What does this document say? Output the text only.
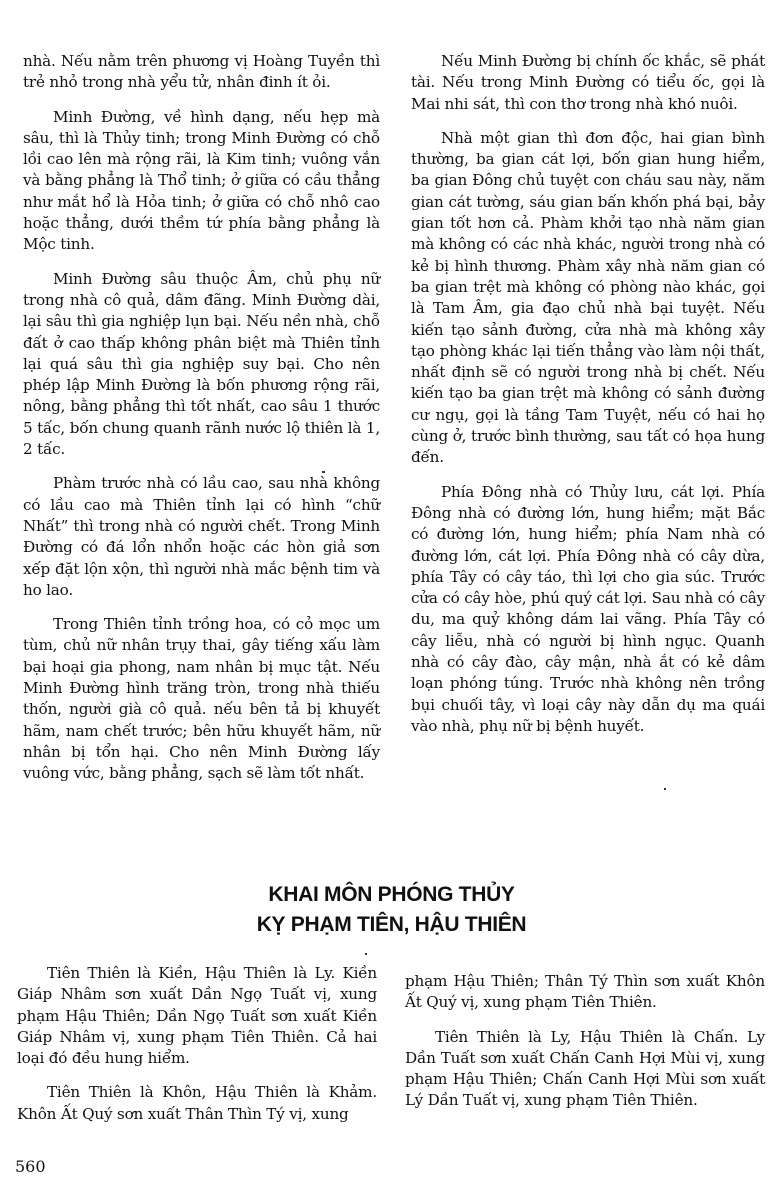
nhà. Nếu nằm trên phương vị Hoàng Tuyền thì trẻ nhỏ trong nhà yểu tử, nhân đinh ít ỏi.

Minh Đường, về hình dạng, nếu hẹp mà sâu, thì là Thủy tinh; trong Minh Đường có chỗ lồi cao lên mà rộng rãi, là Kim tinh; vuông vắn và bằng phẳng là Thổ tinh; ở giữa có cầu thẳng như mắt hổ là Hỏa tinh; ở giữa có chỗ nhô cao hoặc thẳng, dưới thềm tứ phía bằng phẳng là Mộc tinh.

Minh Đường sâu thuộc Âm, chủ phụ nữ trong nhà cô quả, dâm đãng. Minh Đường dài, lại sâu thì gia nghiệp lụn bại. Nếu nền nhà, chỗ đất ở cao thấp không phân biệt mà Thiên tỉnh lại quá sâu thì gia nghiệp suy bại. Cho nên phép lập Minh Đường là bốn phương rộng rãi, nông, bằng phẳng thì tốt nhất, cao sâu 1 thước 5 tấc, bốn chung quanh rãnh nước lộ thiên là 1, 2 tấc.

Phàm trước nhà có lầu cao, sau nhà không có lầu cao mà Thiên tỉnh lại có hình “chữ Nhất” thì trong nhà có người chết. Trong Minh Đường có đá lổn nhổn hoặc các hòn giả sơn xếp đặt lộn xộn, thì người nhà mắc bệnh tim và ho lao.

Trong Thiên tỉnh trồng hoa, có cỏ mọc um tùm, chủ nữ nhân trụy thai, gây tiếng xấu làm bại hoại gia phong, nam nhân bị mục tật. Nếu Minh Đường hình trăng tròn, trong nhà thiếu thốn, người già cô quả. nếu bên tả bị khuyết hãm, nam chết trước; bên hữu khuyết hãm, nữ nhân bị tổn hại. Cho nên Minh Đường lấy vuông vức, bằng phẳng, sạch sẽ làm tốt nhất.

Nếu Minh Đường bị chính ốc khắc, sẽ phát tài. Nếu trong Minh Đường có tiểu ốc, gọi là Mai nhi sát, thì con thơ trong nhà khó nuôi.

Nhà một gian thì đơn độc, hai gian bình thường, ba gian cát lợi, bốn gian hung hiểm, ba gian Đông chủ tuyệt con cháu sau này, năm gian cát tường, sáu gian bấn khốn phá bại, bảy gian tốt hơn cả. Phàm khởi tạo nhà năm gian mà không có các nhà khác, người trong nhà có kẻ bị hình thương. Phàm xây nhà năm gian có ba gian trệt mà không có phòng nào khác, gọi là Tam Âm, gia đạo chủ nhà bại tuyệt. Nếu kiến tạo sảnh đường, cửa nhà mà không xây tạo phòng khác lại tiến thẳng vào làm nội thất, nhất định sẽ có người trong nhà bị chết. Nếu kiến tạo ba gian trệt mà không có sảnh đường cư ngụ, gọi là tầng Tam Tuyệt, nếu có hai họ cùng ở, trước bình thường, sau tất có họa hung đến.

Phía Đông nhà có Thủy lưu, cát lợi. Phía Đông nhà có đường lớn, hung hiểm; mặt Bắc có đường lớn, hung hiểm; phía Nam nhà có đường lớn, cát lợi. Phía Đông nhà có cây dừa, phía Tây có cây táo, thì lợi cho gia súc. Trước cửa có cây hòe, phú quý cát lợi. Sau nhà có cây du, ma quỷ không dám lai vãng. Phía Tây có cây liễu, nhà có người bị hình ngục. Quanh nhà có cây đào, cây mận, nhà ắt có kẻ dâm loạn phóng túng. Trước nhà không nên trồng bụi chuối tây, vì loại cây này dẫn dụ ma quái vào nhà, phụ nữ bị bệnh huyết.

KHAI MÔN PHÓNG THỦY
KỴ PHẠM TIÊN, HẬU THIÊN

Tiên Thiên là Kiền, Hậu Thiên là Ly. Kiền Giáp Nhâm sơn xuất Dần Ngọ Tuất vị, xung phạm Hậu Thiên; Dần Ngọ Tuất sơn xuất Kiền Giáp Nhâm vị, xung phạm Tiên Thiên. Cả hai loại đó đều hung hiểm.

Tiên Thiên là Khôn, Hậu Thiên là Khảm. Khôn Ất Quý sơn xuất Thân Thìn Tý vị, xung

phạm Hậu Thiên; Thân Tý Thìn sơn xuất Khôn Ất Quý vị, xung phạm Tiên Thiên.

Tiên Thiên là Ly, Hậu Thiên là Chấn. Ly Dần Tuất sơn xuất Chấn Canh Hợi Mùi vị, xung phạm Hậu Thiên; Chấn Canh Hợi Mùi sơn xuất Lý Dần Tuất vị, xung phạm Tiên Thiên.

560
